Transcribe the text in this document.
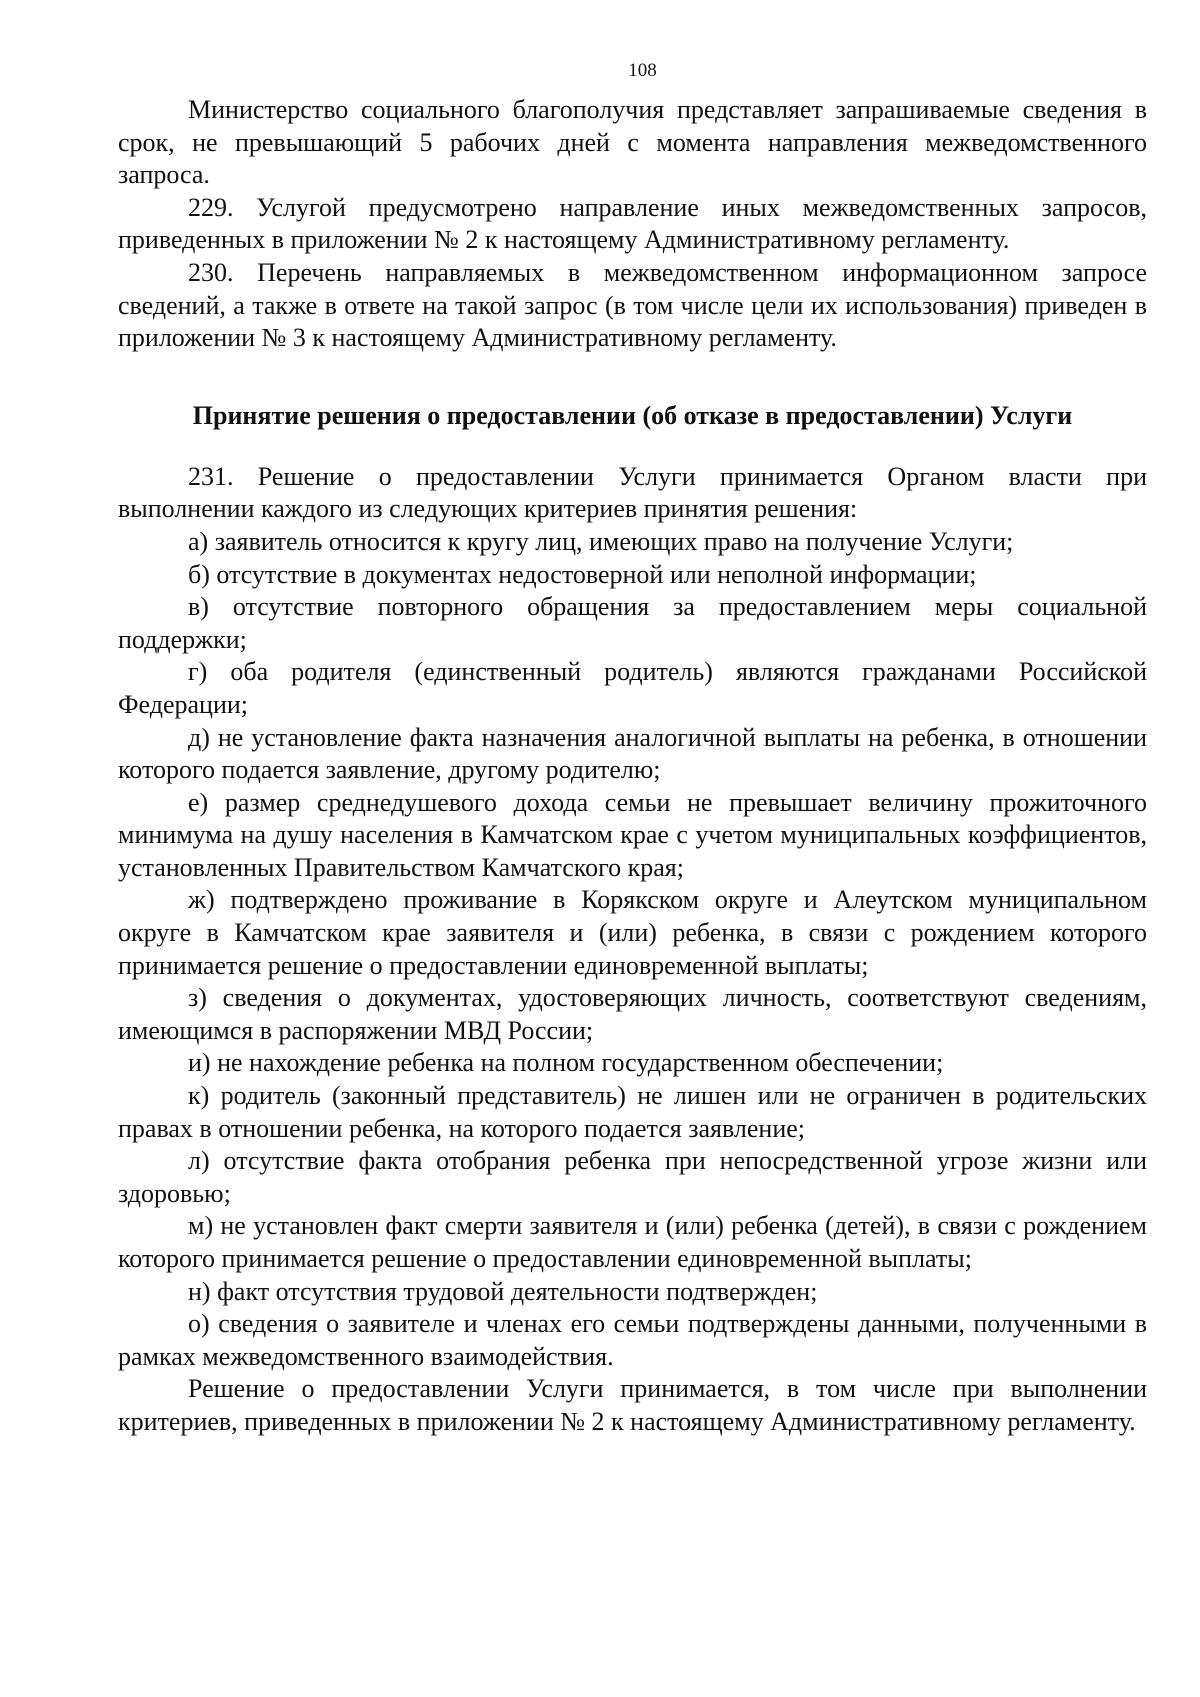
108

Министерство социального благополучия представляет запрашиваемые сведения в срок, не превышающий 5 рабочих дней с момента направления межведомственного запроса.

229. Услугой предусмотрено направление иных межведомственных запросов, приведенных в приложении № 2 к настоящему Административному регламенту.

230. Перечень направляемых в межведомственном информационном запросе сведений, а также в ответе на такой запрос (в том числе цели их использования) приведен в приложении № 3 к настоящему Административному регламенту.

Принятие решения о предоставлении (об отказе в предоставлении) Услуги

231. Решение о предоставлении Услуги принимается Органом власти при выполнении каждого из следующих критериев принятия решения:

а) заявитель относится к кругу лиц, имеющих право на получение Услуги;

б) отсутствие в документах недостоверной или неполной информации;

в) отсутствие повторного обращения за предоставлением меры социальной поддержки;

г) оба родителя (единственный родитель) являются гражданами Российской Федерации;

д) не установление факта назначения аналогичной выплаты на ребенка, в отношении которого подается заявление, другому родителю;

е) размер среднедушевого дохода семьи не превышает величину прожиточного минимума на душу населения в Камчатском крае с учетом муниципальных коэффициентов, установленных Правительством Камчатского края;

ж) подтверждено проживание в Корякском округе и Алеутском муниципальном округе в Камчатском крае заявителя и (или) ребенка, в связи с рождением которого принимается решение о предоставлении единовременной выплаты;

з) сведения о документах, удостоверяющих личность, соответствуют сведениям, имеющимся в распоряжении МВД России;

и) не нахождение ребенка на полном государственном обеспечении;

к) родитель (законный представитель) не лишен или не ограничен в родительских правах в отношении ребенка, на которого подается заявление;

л) отсутствие факта отобрания ребенка при непосредственной угрозе жизни или здоровью;

м) не установлен факт смерти заявителя и (или) ребенка (детей), в связи с рождением которого принимается решение о предоставлении единовременной выплаты;

н) факт отсутствия трудовой деятельности подтвержден;

о) сведения о заявителе и членах его семьи подтверждены данными, полученными в рамках межведомственного взаимодействия.

Решение о предоставлении Услуги принимается, в том числе при выполнении критериев, приведенных в приложении № 2 к настоящему Административному регламенту.
